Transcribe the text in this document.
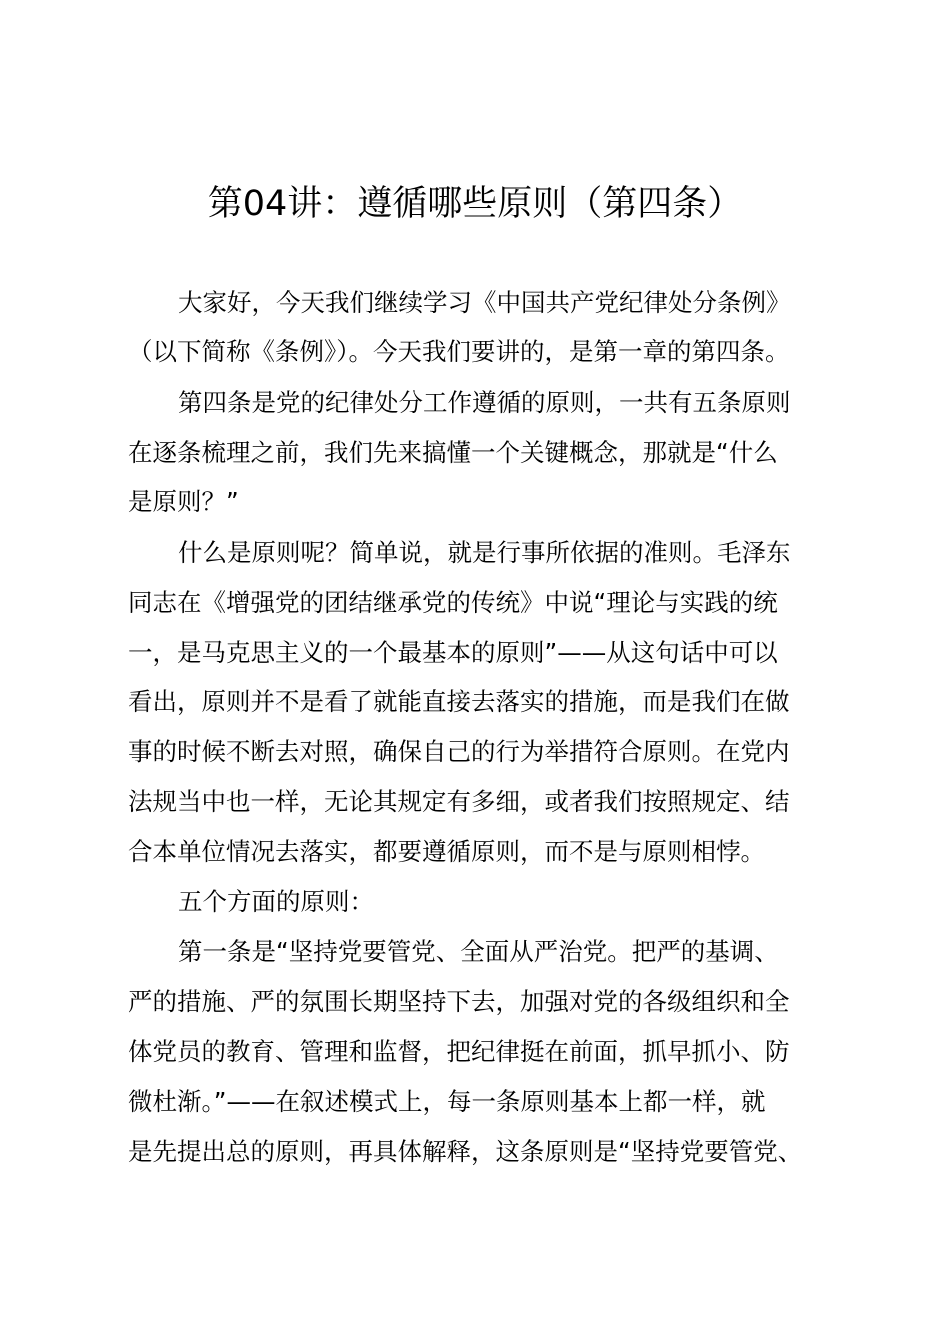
第04讲：遵循哪些原则（第四条）

大家好，今天我们继续学习《中国共产党纪律处分条例》

（以下简称《条例》）。今天我们要讲的，是第一章的第四条。

第四条是党的纪律处分工作遵循的原则，一共有五条原则

在逐条梳理之前，我们先来搞懂一个关键概念，那就是“什么

是原则？”

什么是原则呢？简单说，就是行事所依据的准则。毛泽东

同志在《增强党的团结继承党的传统》中说“理论与实践的统

一，是马克思主义的一个最基本的原则”——从这句话中可以

看出，原则并不是看了就能直接去落实的措施，而是我们在做

事的时候不断去对照，确保自己的行为举措符合原则。在党内

法规当中也一样，无论其规定有多细，或者我们按照规定、结

合本单位情况去落实，都要遵循原则，而不是与原则相悖。

五个方面的原则：

第一条是“坚持党要管党、全面从严治党。把严的基调、

严的措施、严的氛围长期坚持下去，加强对党的各级组织和全

体党员的教育、管理和监督，把纪律挺在前面，抓早抓小、防

微杜渐。”——在叙述模式上，每一条原则基本上都一样，就

是先提出总的原则，再具体解释，这条原则是“坚持党要管党、
